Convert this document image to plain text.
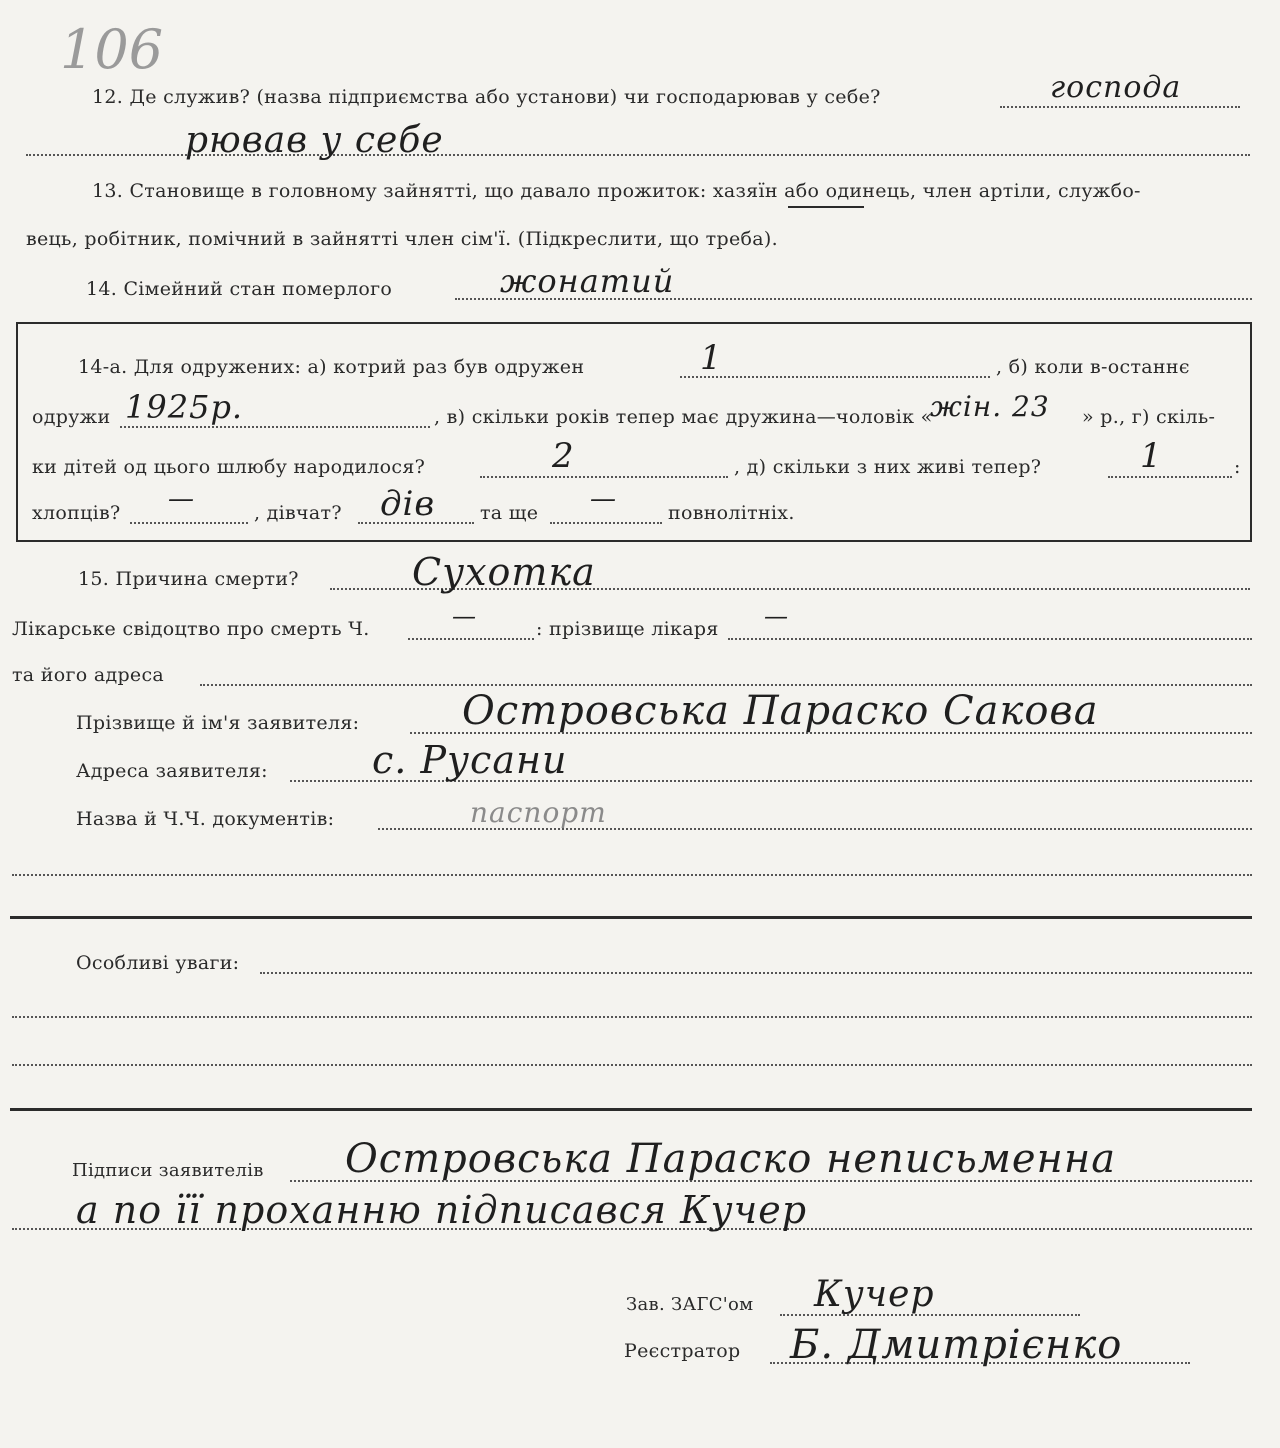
106
12. Де служив? (назва підприємства або установи) чи господарював у себе?	господа
рював у себе
13. Становище в головному зайнятті, що давало прожиток: хазяїн або одинець, член артіли, службо-
вець, робітник, помічний в зайнятті член сім'ї. (Підкреслити, що треба).
14. Сімейний стан померлого	жонатий
14-а. Для одружених: а) котрий раз був одружен	1	, б) коли в-останнє
одружи 1925р.	, в) скільки років тепер має дружина—чоловік «
жін. 23 » р., г) скіль-
ки дітей од цього шлюбу народилося?	2	, д) скільки з них живі тепер?	1	:
хлопців? —	, дівчат? дів та ще —	повнолітніх.
15. Причина смерти?	Сухотка
Лікарське свідоцтво про смерть Ч.	—	: прізвище лікаря —
та його адреса
Прізвище й ім'я заявителя:	Островська Параско Сакова
Адреса заявителя:	с. Русани
Назва й Ч.Ч. документів:	паспорт
Особливі уваги:
Підписи заявителів Островська Параско неписьменна
а по її проханню підписався Кучер
Зав. ЗАГС'ом Кучер
Реєстратор Б. Дмитрієнко
